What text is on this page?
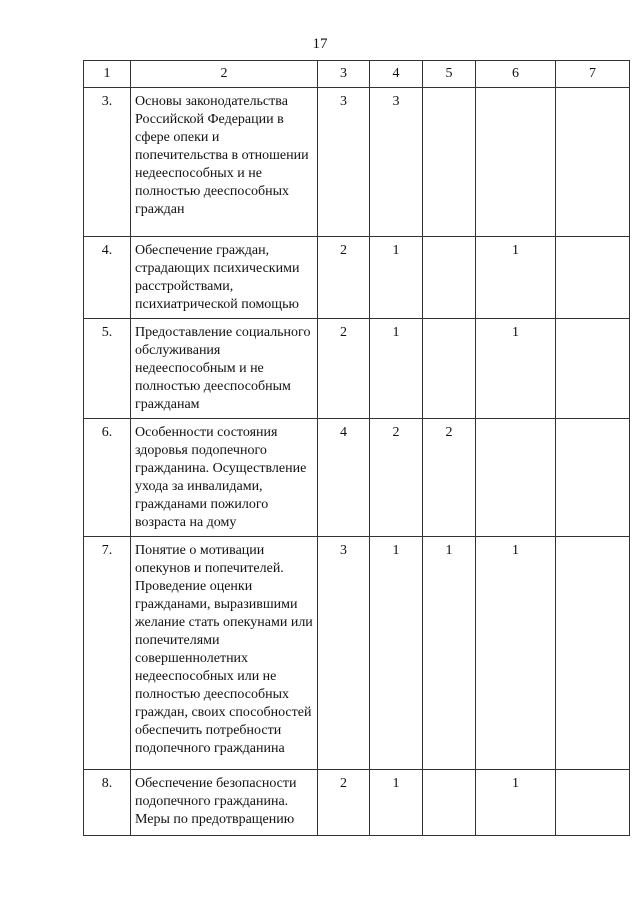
17
1	2	3	4	5	6	7
3.	Основы законодательства Российской Федерации в сфере опеки и попечительства в отношении недееспособных и не полностью дееспособных граждан	3	3			
4.	Обеспечение граждан, страдающих психическими расстройствами, психиатрической помощью	2	1		1	
5.	Предоставление социального обслуживания недееспособным и не полностью дееспособным гражданам	2	1		1	
6.	Особенности состояния здоровья подопечного гражданина. Осуществление ухода за инвалидами, гражданами пожилого возраста на дому	4	2	2		
7.	Понятие о мотивации опекунов и попечителей. Проведение оценки гражданами, выразившими желание стать опекунами или попечителями совершеннолетних недееспособных или не полностью дееспособных граждан, своих способностей обеспечить потребности подопечного гражданина	3	1	1	1	
8.	Обеспечение безопасности подопечного гражданина. Меры по предотвращению	2	1		1	
